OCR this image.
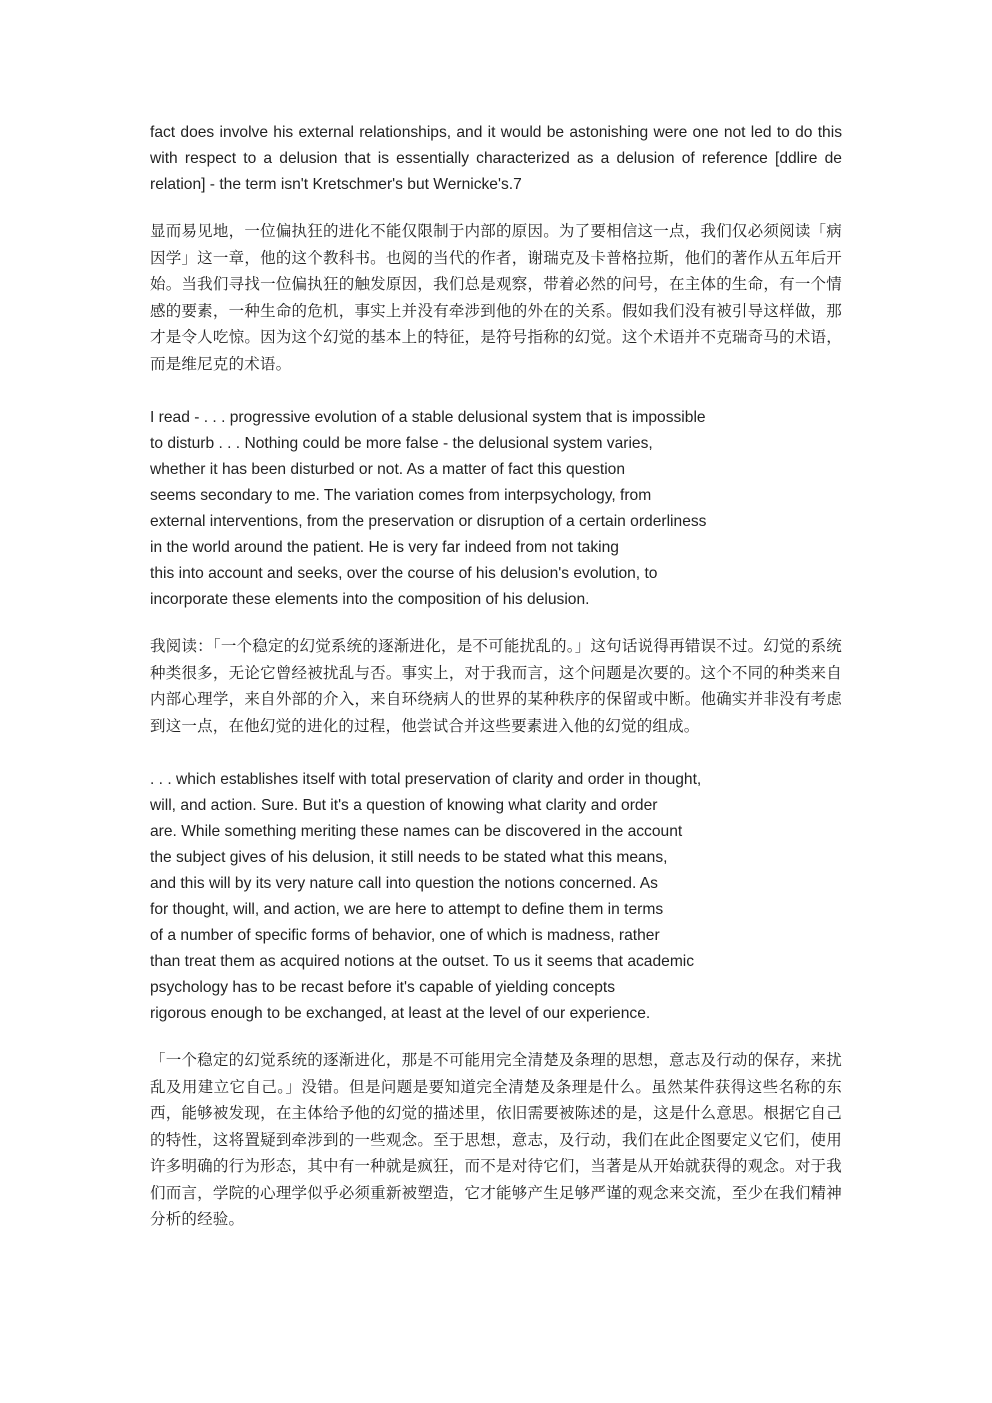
fact does involve his external relationships, and it would be astonishing were one not led to do this with respect to a delusion that is essentially characterized as a delusion of reference [ddlire de relation] - the term isn't Kretschmer's but Wernicke's.7
显而易见地，一位偏执狂的进化不能仅限制于内部的原因。为了要相信这一点，我们仅必须阅读「病因学」这一章，他的这个教科书。也阅的当代的作者，谢瑞克及卡普格拉斯，他们的著作从五年后开始。当我们寻找一位偏执狂的触发原因，我们总是观察，带着必然的问号，在主体的生命，有一个情感的要素，一种生命的危机，事实上并没有牵涉到他的外在的关系。假如我们没有被引导这样做，那才是令人吃惊。因为这个幻觉的基本上的特征，是符号指称的幻觉。这个术语并不克瑞奇马的术语，而是维尼克的术语。
I read - . . . progressive evolution of a stable delusional system that is impossible
to disturb . . . Nothing could be more false - the delusional system varies,
whether it has been disturbed or not. As a matter of fact this question
seems secondary to me. The variation comes from interpsychology, from
external interventions, from the preservation or disruption of a certain orderliness
in the world around the patient. He is very far indeed from not taking
this into account and seeks, over the course of his delusion's evolution, to
incorporate these elements into the composition of his delusion.
我阅读：「一个稳定的幻觉系统的逐渐进化，是不可能扰乱的。」这句话说得再错误不过。幻觉的系统种类很多，无论它曾经被扰乱与否。事实上，对于我而言，这个问题是次要的。这个不同的种类来自内部心理学，来自外部的介入，来自环绕病人的世界的某种秩序的保留或中断。他确实并非没有考虑到这一点，在他幻觉的进化的过程，他尝试合并这些要素进入他的幻觉的组成。
. . . which establishes itself with total preservation of clarity and order in thought,
will, and action. Sure. But it's a question of knowing what clarity and order
are. While something meriting these names can be discovered in the account
the subject gives of his delusion, it still needs to be stated what this means,
and this will by its very nature call into question the notions concerned. As
for thought, will, and action, we are here to attempt to define them in terms
of a number of specific forms of behavior, one of which is madness, rather
than treat them as acquired notions at the outset. To us it seems that academic
psychology has to be recast before it's capable of yielding concepts
rigorous enough to be exchanged, at least at the level of our experience.
「一个稳定的幻觉系统的逐渐进化，那是不可能用完全清楚及条理的思想，意志及行动的保存，来扰乱及用建立它自己。」没错。但是问题是要知道完全清楚及条理是什么。虽然某件获得这些名称的东西，能够被发现，在主体给予他的幻觉的描述里，依旧需要被陈述的是，这是什么意思。根据它自己的特性，这将置疑到牵涉到的一些观念。至于思想，意志，及行动，我们在此企图要定义它们，使用许多明确的行为形态，其中有一种就是疯狂，而不是对待它们，当著是从开始就获得的观念。对于我们而言，学院的心理学似乎必须重新被塑造，它才能够产生足够严谨的观念来交流，至少在我们精神分析的经验。
